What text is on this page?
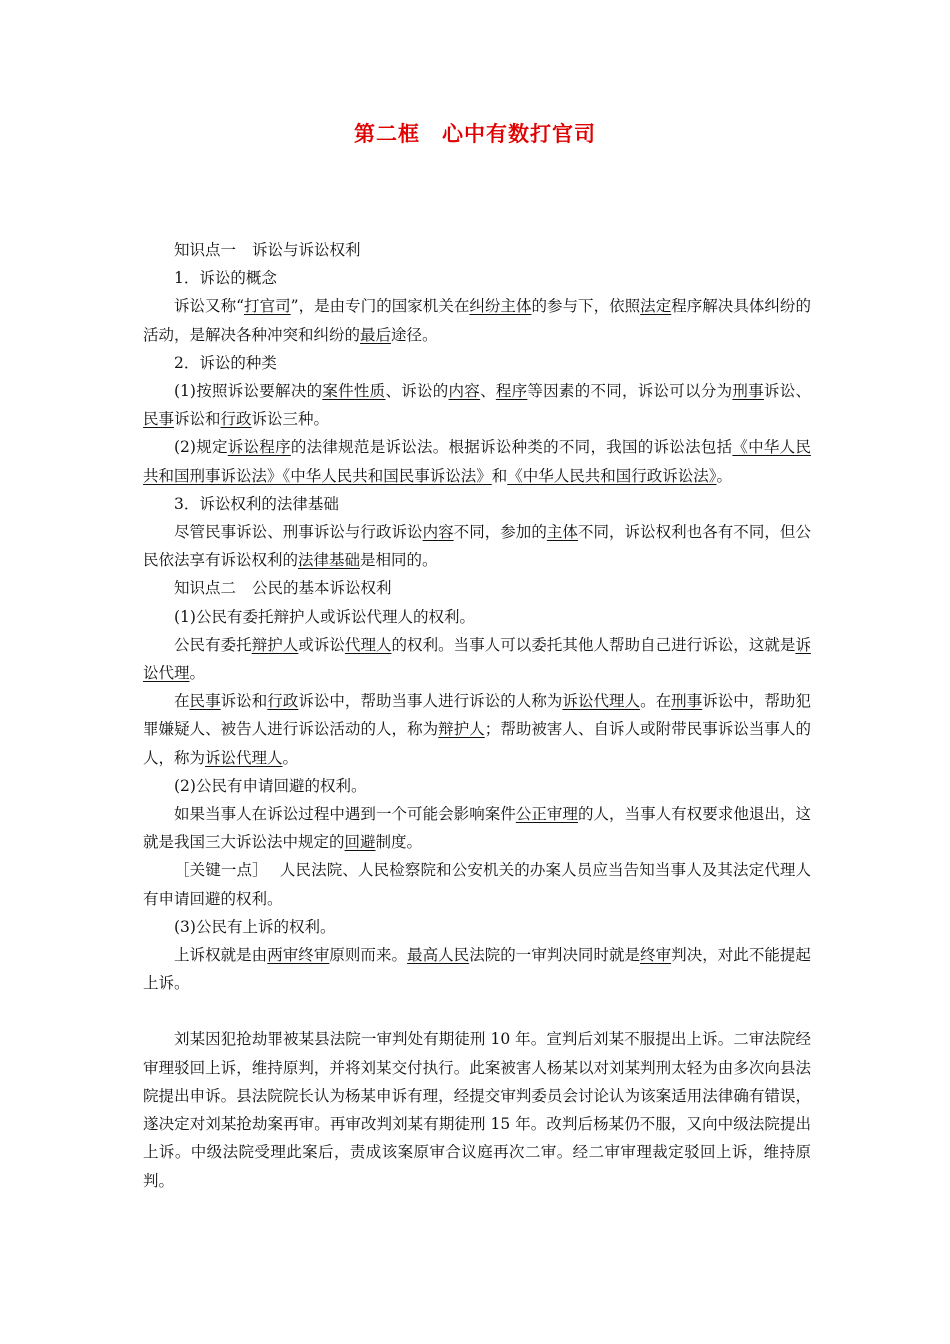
第二框 心中有数打官司

知识点一 诉讼与诉讼权利

1．诉讼的概念

诉讼又称“打官司”，是由专门的国家机关在纠纷主体的参与下，依照法定程序解决具体纠纷的活动，是解决各种冲突和纠纷的最后途径。

2．诉讼的种类

(1)按照诉讼要解决的案件性质、诉讼的内容、程序等因素的不同，诉讼可以分为刑事诉讼、民事诉讼和行政诉讼三种。

(2)规定诉讼程序的法律规范是诉讼法。根据诉讼种类的不同，我国的诉讼法包括《中华人民共和国刑事诉讼法》《中华人民共和国民事诉讼法》和《中华人民共和国行政诉讼法》。

3．诉讼权利的法律基础

尽管民事诉讼、刑事诉讼与行政诉讼内容不同，参加的主体不同，诉讼权利也各有不同，但公民依法享有诉讼权利的法律基础是相同的。

知识点二 公民的基本诉讼权利

(1)公民有委托辩护人或诉讼代理人的权利。

公民有委托辩护人或诉讼代理人的权利。当事人可以委托其他人帮助自己进行诉讼，这就是诉讼代理。

在民事诉讼和行政诉讼中，帮助当事人进行诉讼的人称为诉讼代理人。在刑事诉讼中，帮助犯罪嫌疑人、被告人进行诉讼活动的人，称为辩护人；帮助被害人、自诉人或附带民事诉讼当事人的人，称为诉讼代理人。

(2)公民有申请回避的权利。

如果当事人在诉讼过程中遇到一个可能会影响案件公正审理的人，当事人有权要求他退出，这就是我国三大诉讼法中规定的回避制度。

［关键一点］ 人民法院、人民检察院和公安机关的办案人员应当告知当事人及其法定代理人有申请回避的权利。

(3)公民有上诉的权利。

上诉权就是由两审终审原则而来。最高人民法院的一审判决同时就是终审判决，对此不能提起上诉。

刘某因犯抢劫罪被某县法院一审判处有期徒刑 10 年。宣判后刘某不服提出上诉。二审法院经审理驳回上诉，维持原判，并将刘某交付执行。此案被害人杨某以对刘某判刑太轻为由多次向县法院提出申诉。县法院院长认为杨某申诉有理，经提交审判委员会讨论认为该案适用法律确有错误，遂决定对刘某抢劫案再审。再审改判刘某有期徒刑 15 年。改判后杨某仍不服，又向中级法院提出上诉。中级法院受理此案后，责成该案原审合议庭再次二审。经二审审理裁定驳回上诉，维持原判。
